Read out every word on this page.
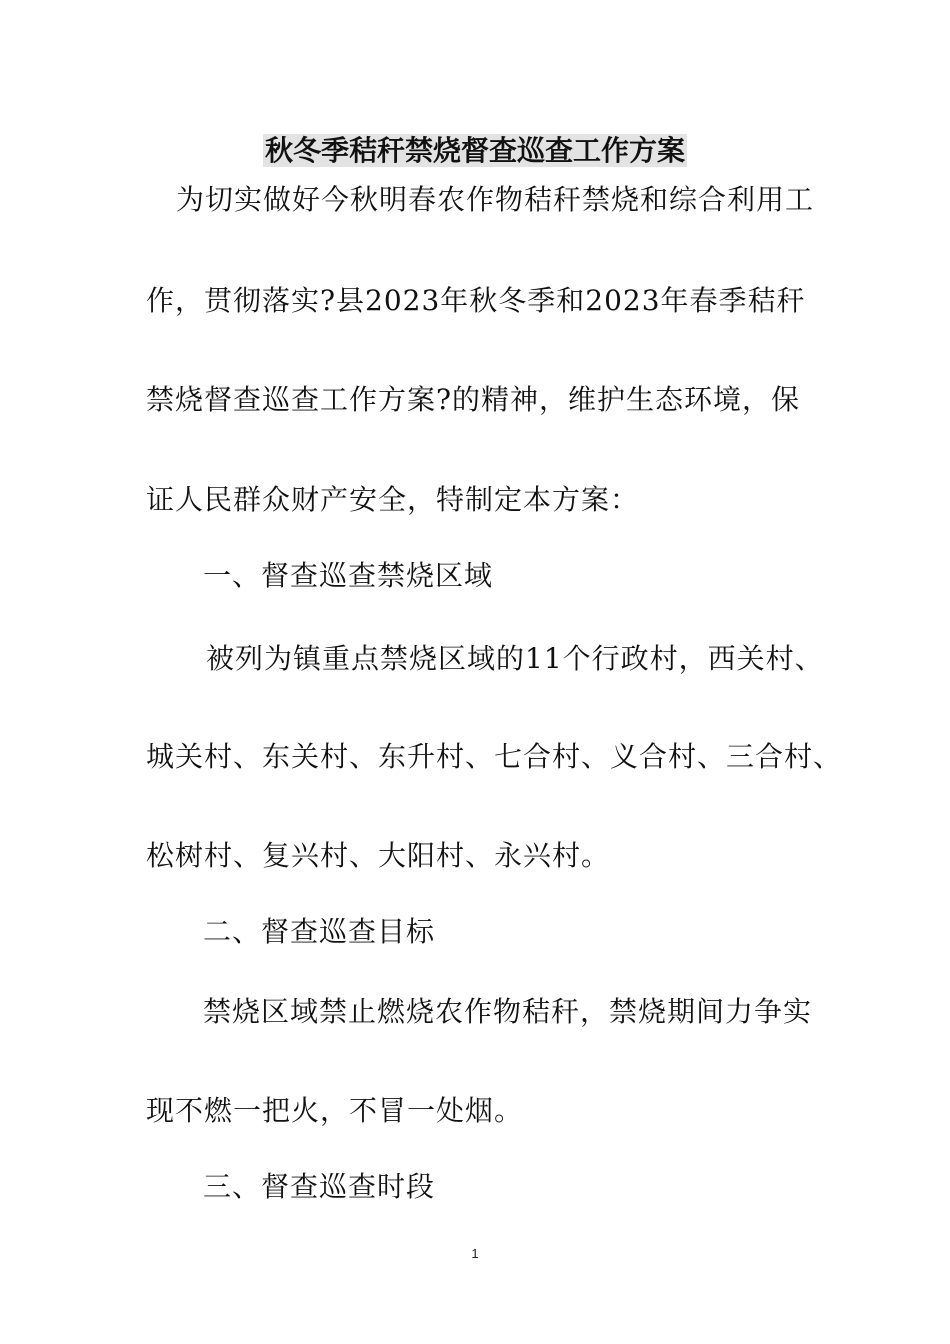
秋冬季秸秆禁烧督查巡查工作方案

为切实做好今秋明春农作物秸秆禁烧和综合利用工

作，贯彻落实?县2023年秋冬季和2023年春季秸秆

禁烧督查巡查工作方案?的精神，维护生态环境，保

证人民群众财产安全，特制定本方案：

一、督查巡查禁烧区域

被列为镇重点禁烧区域的11个行政村，西关村、

城关村、东关村、东升村、七合村、义合村、三合村、

松树村、复兴村、大阳村、永兴村。

二、督查巡查目标

禁烧区域禁止燃烧农作物秸秆，禁烧期间力争实

现不燃一把火，不冒一处烟。

三、督查巡查时段

1
